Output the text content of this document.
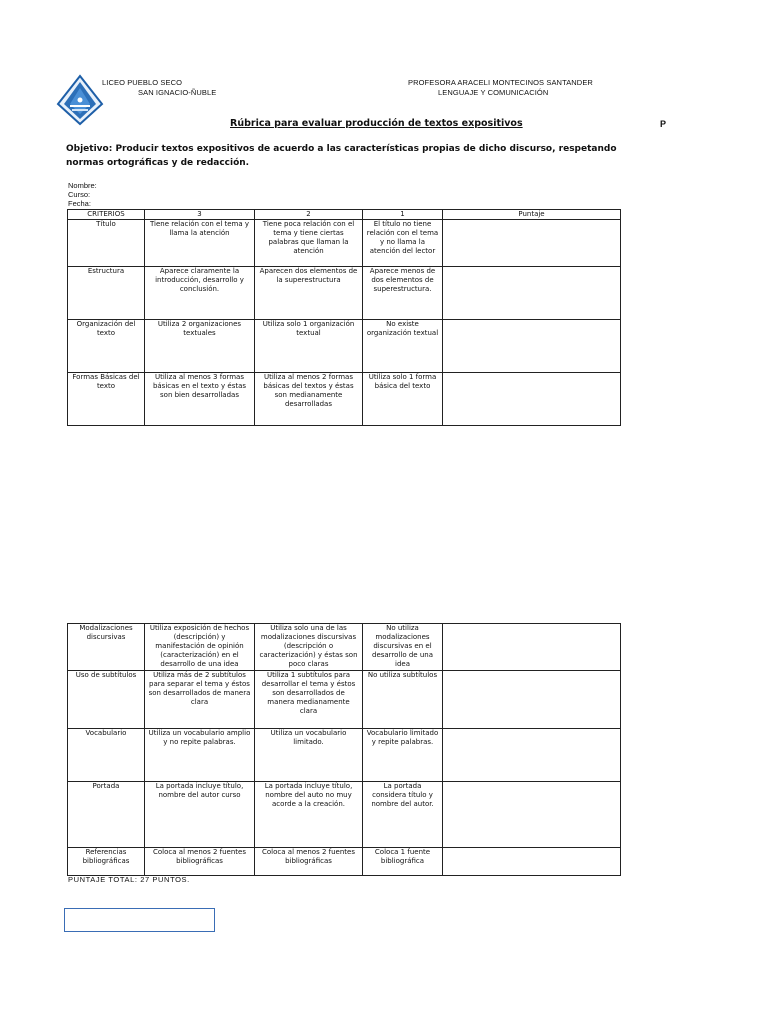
LICEO PUEBLO SECO
SAN IGNACIO-ÑUBLE
PROFESORA ARACELI MONTECINOS SANTANDER
LENGUAJE Y COMUNICACIÓN
Rúbrica para evaluar producción de textos expositivos	P
Objetivo: Producir textos expositivos de acuerdo a las características propias de dicho discurso, respetando normas ortográficas y de redacción.
Nombre:
Curso:
Fecha:
CRITERIOS	3	2	1	Puntaje
Título	Tiene relación con el tema y llama la atención	Tiene poca relación con el tema y tiene ciertas palabras que llaman la atención	El título no tiene relación con el tema y no llama la atención del lector	
Estructura	Aparece claramente la introducción, desarrollo y conclusión.	Aparecen dos elementos de la superestructura	Aparece menos de dos elementos de superestructura.	
Organización del texto	Utiliza 2 organizaciones textuales	Utiliza solo 1 organización textual	No existe organización textual	
Formas Básicas del texto	Utiliza al menos 3 formas básicas en el texto y éstas son bien desarrolladas	Utiliza al menos 2 formas básicas del textos y éstas son medianamente desarrolladas	Utiliza solo 1 forma básica del texto	
Modalizaciones discursivas	Utiliza exposición de hechos (descripción) y manifestación de opinión (caracterización) en el desarrollo de una idea	Utiliza solo una de las modalizaciones discursivas (descripción o caracterización) y éstas son poco claras	No utiliza modalizaciones discursivas en el desarrollo de una idea	
Uso de subtítulos	Utiliza más de 2 subtítulos para separar el tema y éstos son desarrollados de manera clara	Utiliza 1 subtítulos para desarrollar el tema y éstos son desarrollados de manera medianamente clara	No utiliza subtítulos	
Vocabulario	Utiliza un vocabulario amplio y no repite palabras.	Utiliza un vocabulario limitado.	Vocabulario limitado y repite palabras.	
Portada	La portada incluye título, nombre del autor curso	La portada incluye título, nombre del auto no muy acorde a la creación.	La portada considera título y nombre del autor.	
Referencias bibliográficas	Coloca al menos 2 fuentes bibliográficas	Coloca al menos 2 fuentes bibliográficas	Coloca 1 fuente bibliográfica	
PUNTAJE TOTAL: 27 PUNTOS.
